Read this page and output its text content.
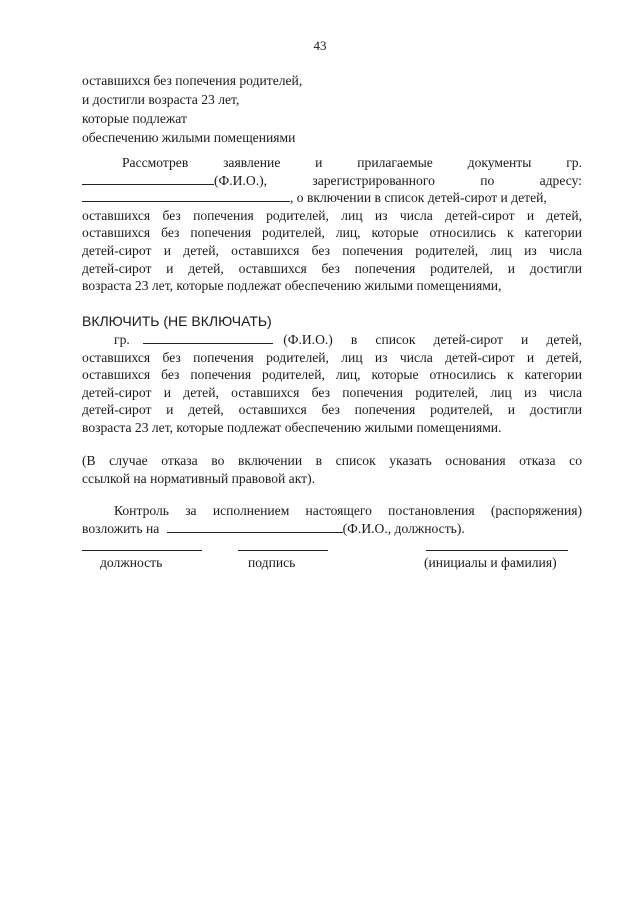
43
оставшихся без попечения родителей,
и достигли возраста 23 лет,
которые подлежат
обеспечению жилыми помещениями
Рассмотрев	заявление	и	прилагаемые	документы	гр.
(Ф.И.О.),	зарегистрированного	по	адресу:
, о включении в список детей-сирот и детей,
оставшихся без попечения родителей, лиц из числа детей-сирот и детей,
оставшихся без попечения родителей, лиц, которые относились к категории
детей-сирот и детей, оставшихся без попечения родителей, лиц из числа
детей-сирот и детей, оставшихся без попечения родителей, и достигли
возраста 23 лет, которые подлежат обеспечению жилыми помещениями,
ВКЛЮЧИТЬ (НЕ ВКЛЮЧАТЬ)
гр.	(Ф.И.О.) в список детей-сирот и детей,
оставшихся без попечения родителей, лиц из числа детей-сирот и детей,
оставшихся без попечения родителей, лиц, которые относились к категории
детей-сирот и детей, оставшихся без попечения родителей, лиц из числа
детей-сирот и детей, оставшихся без попечения родителей, и достигли
возраста 23 лет, которые подлежат обеспечению жилыми помещениями.
(В случае отказа во включении в список указать основания отказа со
ссылкой на нормативный правовой акт).
Контроль за исполнением настоящего постановления (распоряжения)
возложить на	(Ф.И.О., должность).
должность	подпись	(инициалы и фамилия)
